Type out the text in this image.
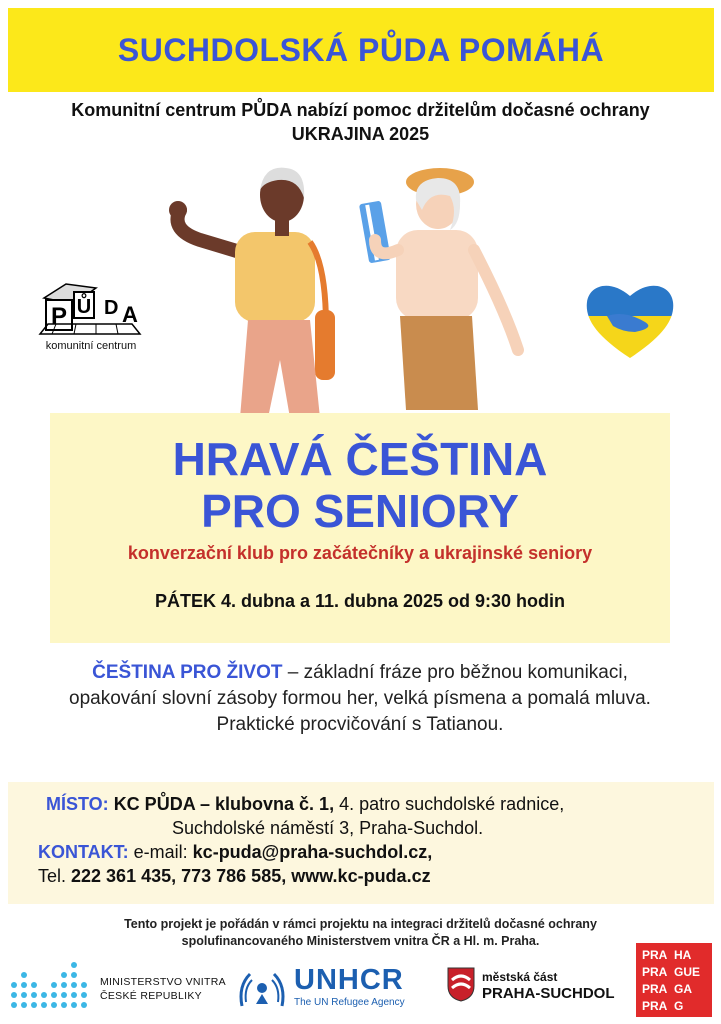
SUCHDOLSKÁ PŮDA POMÁHÁ
Komunitní centrum PŮDA nabízí pomoc držitelům dočasné ochrany
UKRAJINA 2025
P Ů D A
komunitní centrum
HRAVÁ ČEŠTINA
PRO SENIORY
konverzační klub pro začátečníky a ukrajinské seniory
PÁTEK 4. dubna a 11. dubna 2025 od 9:30 hodin
ČEŠTINA PRO ŽIVOT – základní fráze pro běžnou komunikaci, opakování slovní zásoby formou her, velká písmena a pomalá mluva. Praktické procvičování s Tatianou.
MÍSTO: KC PŮDA – klubovna č. 1, 4. patro suchdolské radnice,
Suchdolské náměstí 3, Praha-Suchdol.
KONTAKT: e-mail: kc-puda@praha-suchdol.cz,
Tel. 222 361 435, 773 786 585, www.kc-puda.cz
Tento projekt je pořádán v rámci projektu na integraci držitelů dočasné ochrany
spolufinancovaného Ministerstvem vnitra ČR a Hl. m. Praha.
MINISTERSTVO VNITRA
ČESKÉ REPUBLIKY	UNHCR
The UN Refugee Agency
městská část
PRAHA-SUCHDOL
PRA HA
PRA GUE
PRA GA
PRA G
